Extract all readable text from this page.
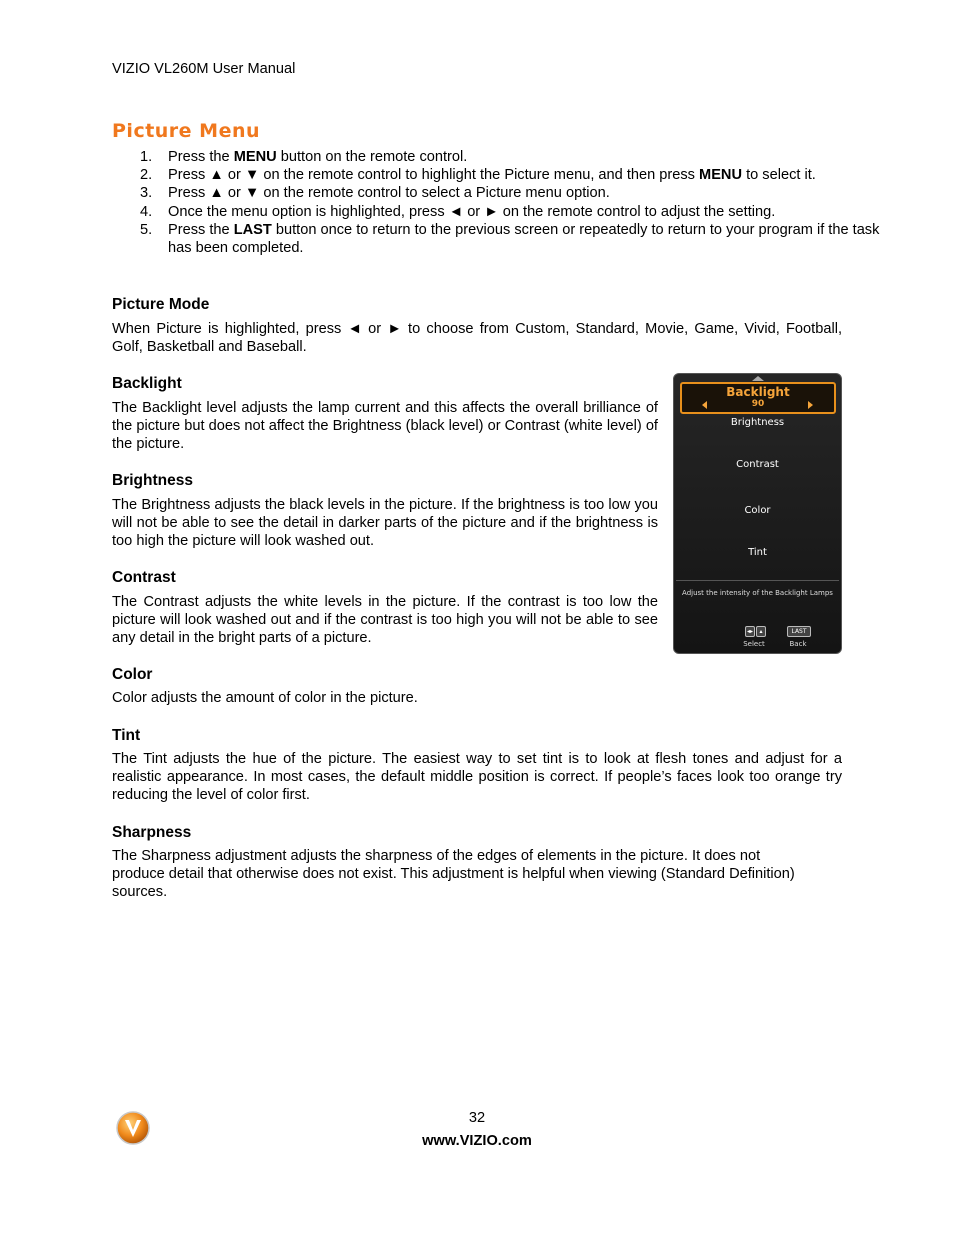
VIZIO VL260M User Manual
Picture Menu
1. Press the MENU button on the remote control.
2. Press ▲ or ▼ on the remote control to highlight the Picture menu, and then press MENU to select it.
3. Press ▲ or ▼ on the remote control to select a Picture menu option.
4. Once the menu option is highlighted, press ◄ or ► on the remote control to adjust the setting.
5. Press the LAST button once to return to the previous screen or repeatedly to return to your program if the task has been completed.
Picture Mode
When Picture is highlighted, press ◄ or ► to choose from Custom, Standard, Movie, Game, Vivid, Football, Golf, Basketball and Baseball.
Backlight
The Backlight level adjusts the lamp current and this affects the overall brilliance of the picture but does not affect the Brightness (black level) or Contrast (white level) of the picture.
Brightness
The Brightness adjusts the black levels in the picture. If the brightness is too low you will not be able to see the detail in darker parts of the picture and if the brightness is too high the picture will look washed out.
Contrast
The Contrast adjusts the white levels in the picture. If the contrast is too low the picture will look washed out and if the contrast is too high you will not be able to see any detail in the bright parts of a picture.
Color
Color adjusts the amount of color in the picture.
Tint
The Tint adjusts the hue of the picture. The easiest way to set tint is to look at flesh tones and adjust for a realistic appearance. In most cases, the default middle position is correct. If people’s faces look too orange try reducing the level of color first.
Sharpness
The Sharpness adjustment adjusts the sharpness of the edges of elements in the picture. It does not produce detail that otherwise does not exist. This adjustment is helpful when viewing (Standard Definition) sources.
Backlight
90
Brightness
Contrast
Color
Tint
Adjust the intensity of the Backlight Lamps
◂▸	▴	LAST
Select	Back
32
www.VIZIO.com
